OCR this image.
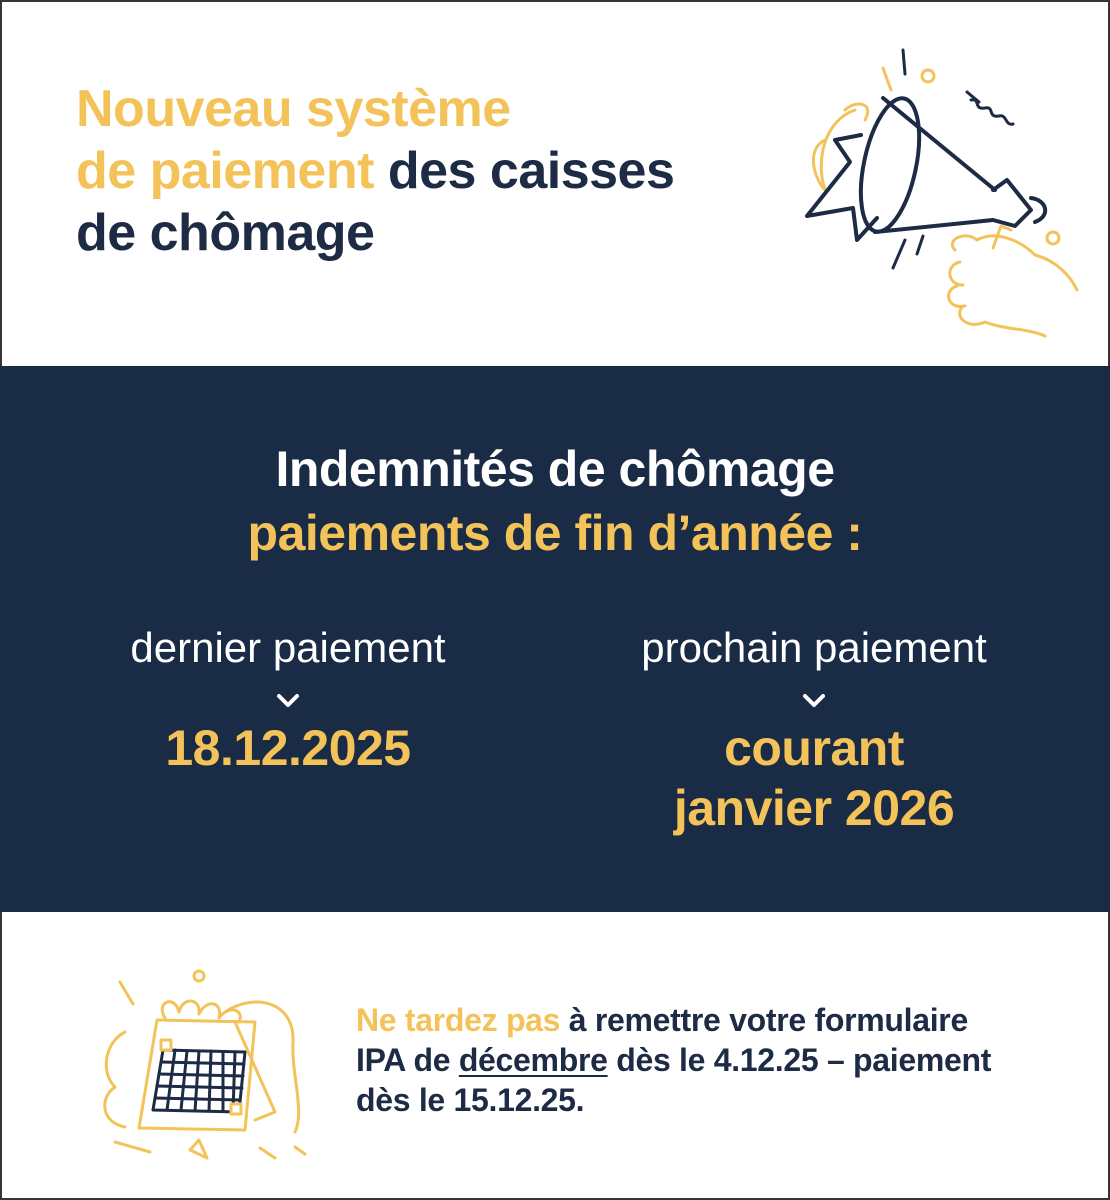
Nouveau système
de paiement des caisses
de chômage
Indemnités de chômage
paiements de fin d’année :
dernier paiement
18.12.2025
prochain paiement
courant
janvier 2026

Ne tardez pas à remettre votre formulaire IPA de décembre dès le 4.12.25 – paiement dès le 15.12.25.
